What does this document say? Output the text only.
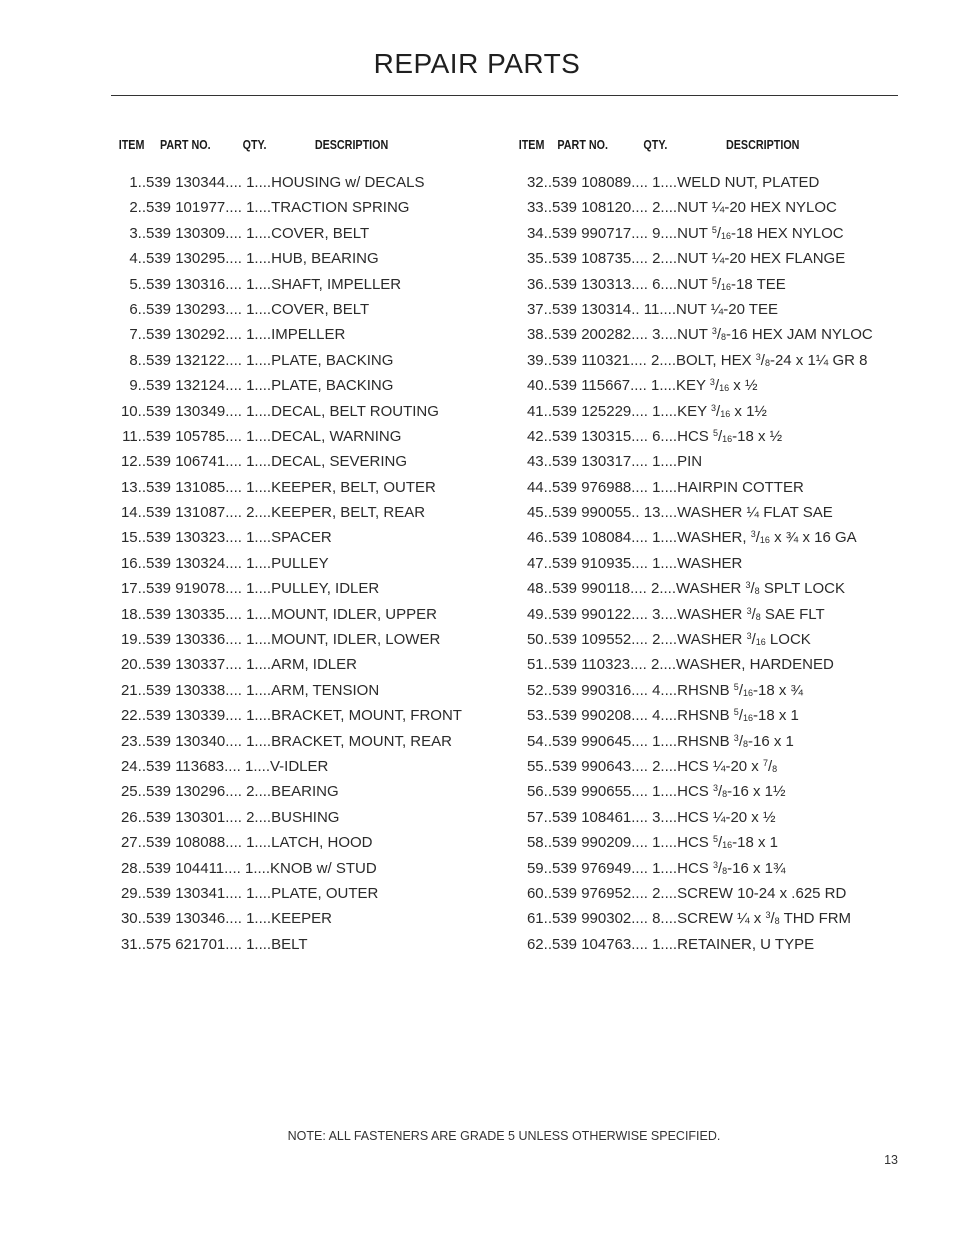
REPAIR PARTS
ITEM PART NO.	QTY.	DESCRIPTION
1..539 130344.... 1....HOUSING w/ DECALS
2..539 101977.... 1....TRACTION SPRING
3..539 130309.... 1....COVER, BELT
4..539 130295.... 1....HUB, BEARING
5..539 130316.... 1....SHAFT, IMPELLER
6..539 130293.... 1....COVER, BELT
7..539 130292.... 1....IMPELLER
8..539 132122.... 1....PLATE, BACKING
9..539 132124.... 1....PLATE, BACKING
10..539 130349.... 1....DECAL, BELT ROUTING
11..539 105785.... 1....DECAL, WARNING
12..539 106741.... 1....DECAL, SEVERING
13..539 131085.... 1....KEEPER, BELT, OUTER
14..539 131087.... 2....KEEPER, BELT, REAR
15..539 130323.... 1....SPACER
16..539 130324.... 1....PULLEY
17..539 919078.... 1....PULLEY, IDLER
18..539 130335.... 1....MOUNT, IDLER, UPPER
19..539 130336.... 1....MOUNT, IDLER, LOWER
20..539 130337.... 1....ARM, IDLER
21..539 130338.... 1....ARM, TENSION
22..539 130339.... 1....BRACKET, MOUNT, FRONT
23..539 130340.... 1....BRACKET, MOUNT, REAR
24..539 113683.... 1....V-IDLER
25..539 130296.... 2....BEARING
26..539 130301.... 2....BUSHING
27..539 108088.... 1....LATCH, HOOD
28..539 104411.... 1....KNOB w/ STUD
29..539 130341.... 1....PLATE, OUTER
30..539 130346.... 1....KEEPER
31..575 621701.... 1....BELT
ITEM PART NO.	QTY.	DESCRIPTION
32..539 108089.... 1....WELD NUT, PLATED
33..539 108120.... 2....NUT ¼-20 HEX NYLOC
34..539 990717.... 9....NUT $^5/_{16}-18$ HEX NYLOC
35..539 108735.... 2....NUT ¼-20 HEX FLANGE
36..539 130313.... 6....NUT $^5/_{16}-18$ TEE
37..539 130314.. 11....NUT ¼-20 TEE
38..539 200282.... 3....NUT $^3/_8-16$ HEX JAM NYLOC
39..539 110321.... 2....BOLT, HEX $^3/_8-24$ x 1¼ GR 8
40..539 115667.... 1....KEY $^3/_{16}$ x ½
41..539 125229.... 1....KEY $^3/_{16}$ x 1½
42..539 130315.... 6....HCS $^5/_{16}-18$ x ½
43..539 130317.... 1....PIN
44..539 976988.... 1....HAIRPIN COTTER
45..539 990055.. 13....WASHER ¼ FLAT SAE
46..539 108084.... 1....WASHER, $^3/_{16}$ x ¾ x 16 GA
47..539 910935.... 1....WASHER
48..539 990118.... 2....WASHER $^3/_8$ SPLT LOCK
49..539 990122.... 3....WASHER $^3/_8$ SAE FLT
50..539 109552.... 2....WASHER $^3/_{16}$ LOCK
51..539 110323.... 2....WASHER, HARDENED
52..539 990316.... 4....RHSNB $^5/_{16}-18$ x ¾
53..539 990208.... 4....RHSNB $^5/_{16}-18$ x 1
54..539 990645.... 1....RHSNB $^3/_8-16$ x 1
55..539 990643.... 2....HCS ¼-20 x $^7/_8$
56..539 990655.... 1....HCS $^3/_8-16$ x 1½
57..539 108461.... 3....HCS ¼-20 x ½
58..539 990209.... 1....HCS $^5/_{16}-18$ x 1
59..539 976949.... 1....HCS $^3/_8-16$ x 1¾
60..539 976952.... 2....SCREW 10-24 x .625 RD
61..539 990302.... 8....SCREW ¼ x $^3/_8$ THD FRM
62..539 104763.... 1....RETAINER, U TYPE
NOTE: ALL FASTENERS ARE GRADE 5 UNLESS OTHERWISE SPECIFIED.
13
